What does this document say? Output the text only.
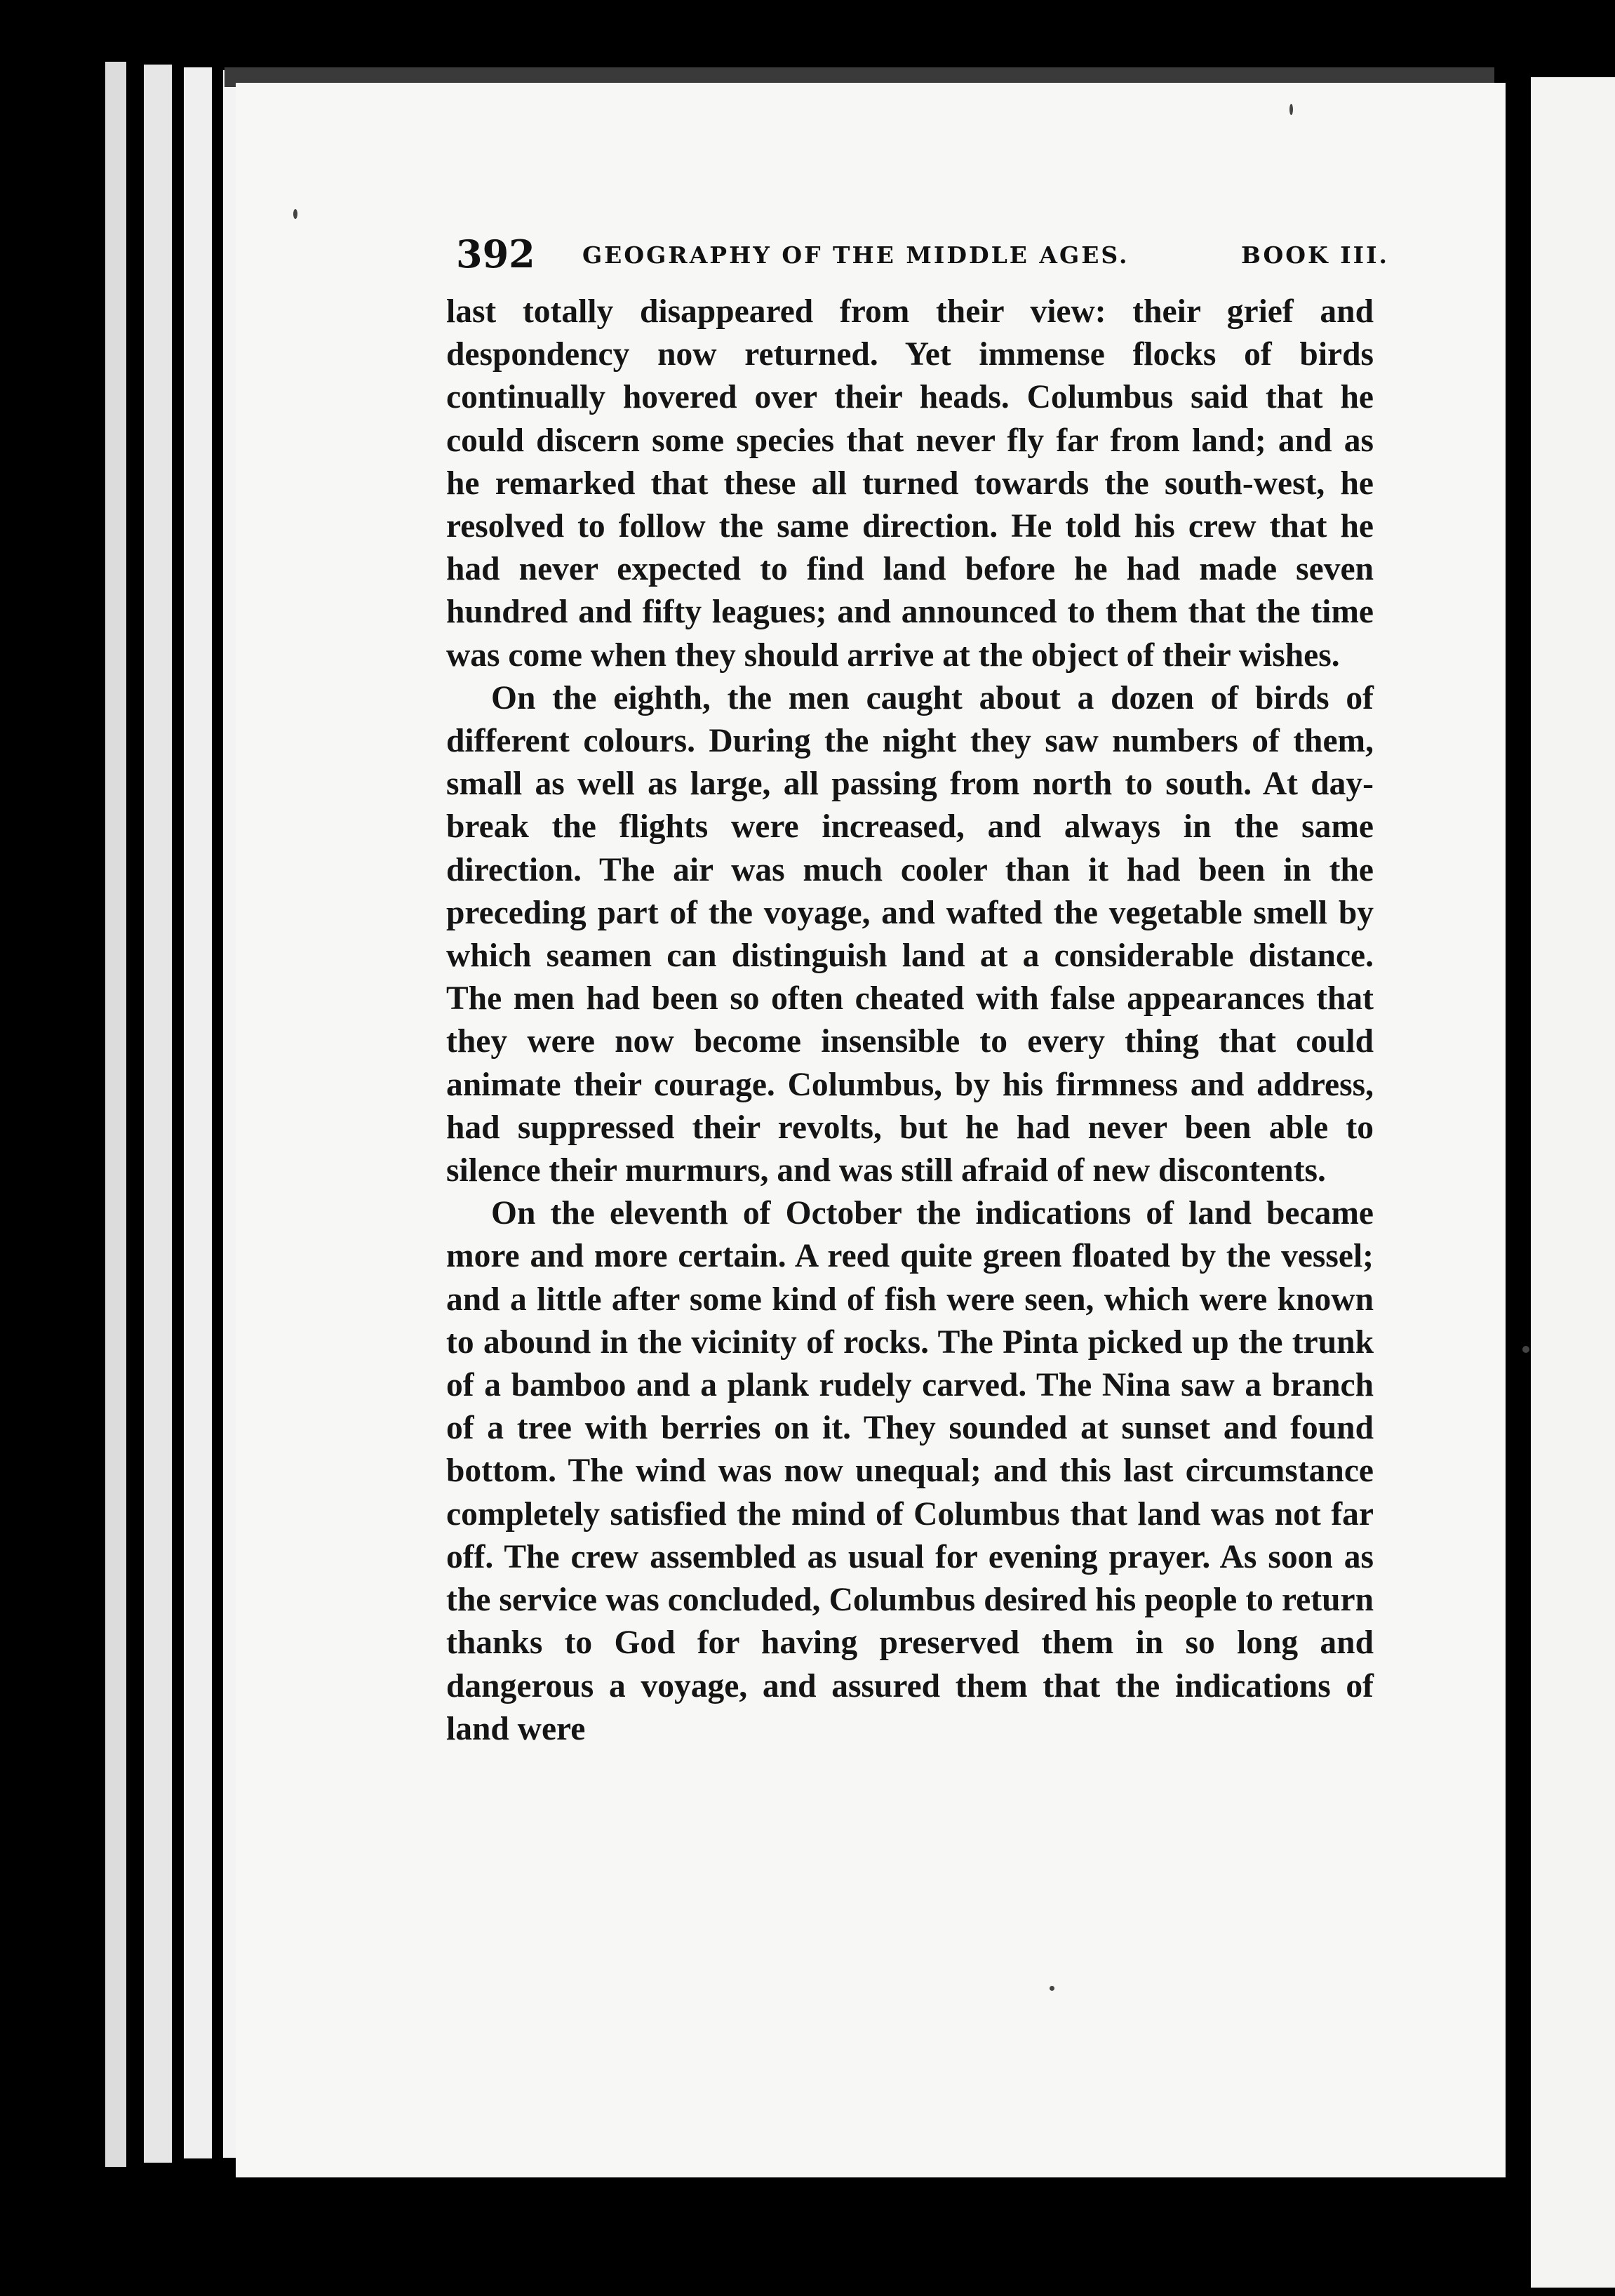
392 GEOGRAPHY OF THE MIDDLE AGES.	BOOK III.

last totally disappeared from their view: their grief and despondency now returned. Yet immense flocks of birds continually hovered over their heads. Columbus said that he could discern some species that never fly far from land; and as he remarked that these all turned towards the south-west, he resolved to follow the same direction. He told his crew that he had never expected to find land before he had made seven hundred and fifty leagues; and announced to them that the time was come when they should arrive at the object of their wishes.

On the eighth, the men caught about a dozen of birds of different colours. During the night they saw numbers of them, small as well as large, all passing from north to south. At day-break the flights were increased, and always in the same direction. The air was much cooler than it had been in the preceding part of the voyage, and wafted the vegetable smell by which seamen can distinguish land at a considerable distance. The men had been so often cheated with false appearances that they were now become insensible to every thing that could animate their courage. Columbus, by his firmness and address, had suppressed their revolts, but he had never been able to silence their murmurs, and was still afraid of new discontents.

On the eleventh of October the indications of land became more and more certain. A reed quite green floated by the vessel; and a little after some kind of fish were seen, which were known to abound in the vicinity of rocks. The Pinta picked up the trunk of a bamboo and a plank rudely carved. The Nina saw a branch of a tree with berries on it. They sounded at sunset and found bottom. The wind was now unequal; and this last circumstance completely satisfied the mind of Columbus that land was not far off. The crew assembled as usual for evening prayer. As soon as the service was concluded, Columbus desired his people to return thanks to God for having preserved them in so long and dangerous a voyage, and assured them that the indications of land were
